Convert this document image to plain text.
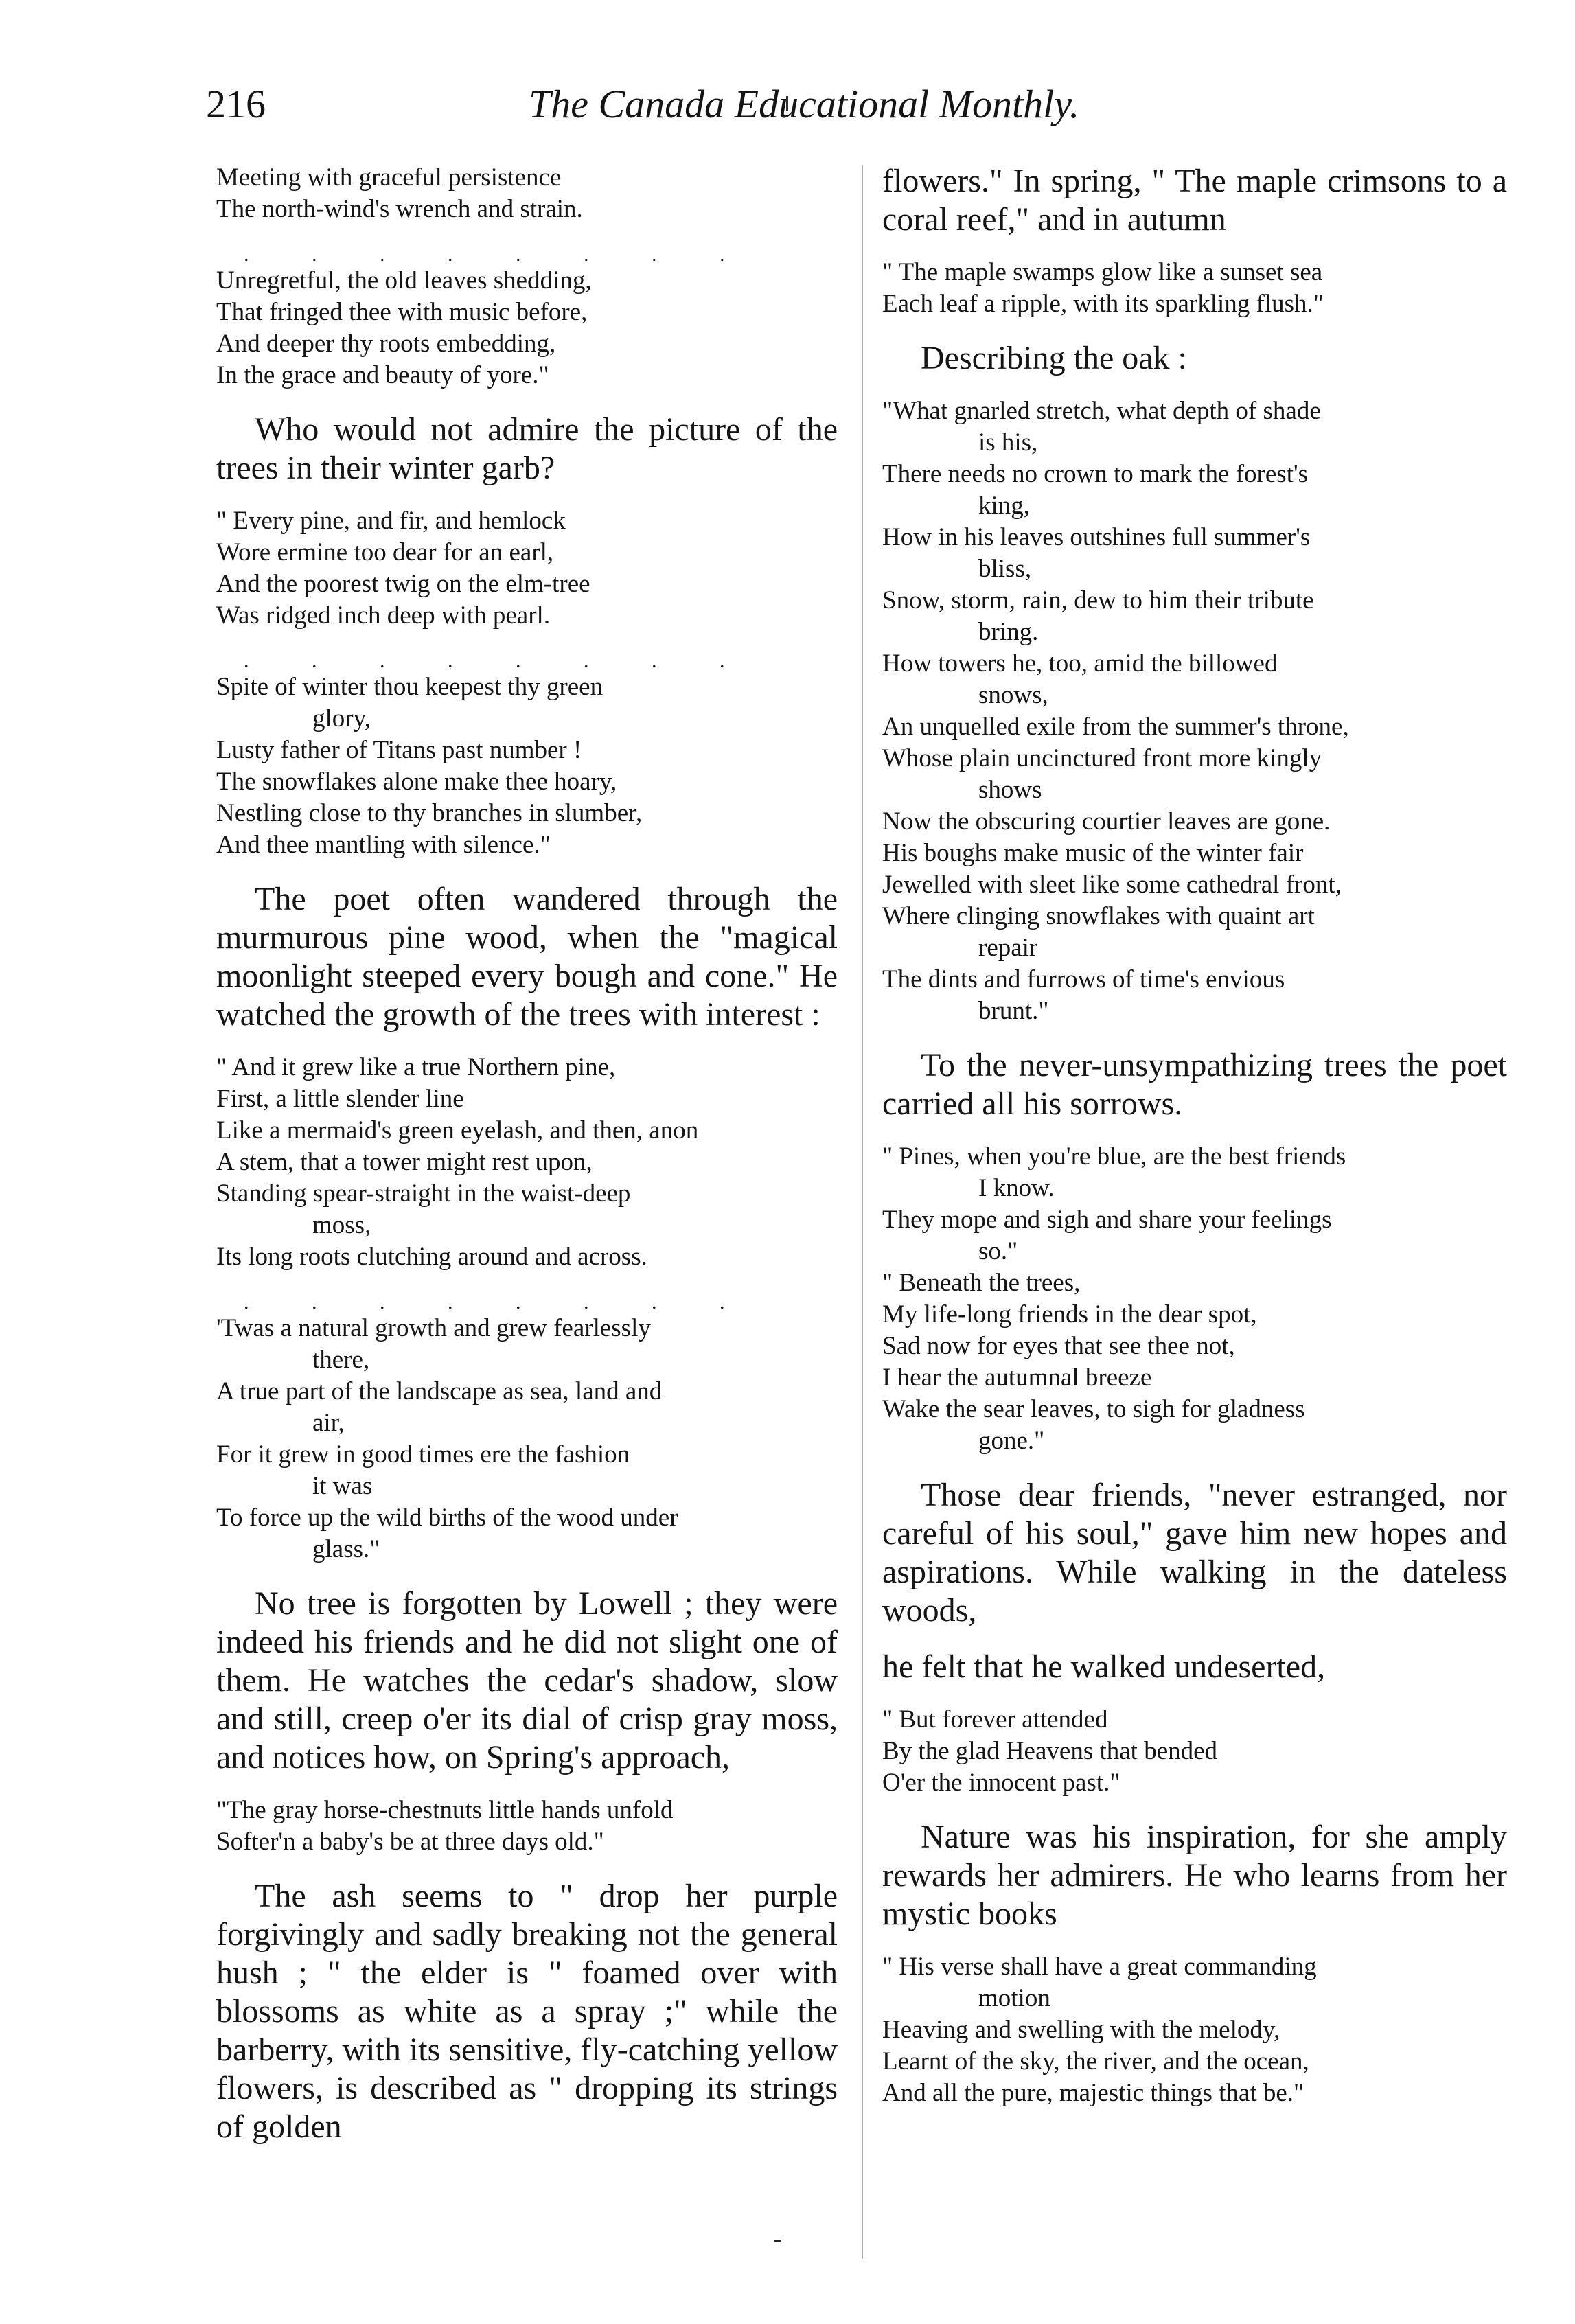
216	The Canada Educational Monthly.
Meeting with graceful persistence
The north-wind's wrench and strain.
. . . . . . . .
Unregretful, the old leaves shedding,
That fringed thee with music before,
And deeper thy roots embedding,
In the grace and beauty of yore."

Who would not admire the picture of the trees in their winter garb?

" Every pine, and fir, and hemlock
Wore ermine too dear for an earl,
And the poorest twig on the elm-tree
Was ridged inch deep with pearl.
. . . . . . . .
Spite of winter thou keepest thy green
glory,
Lusty father of Titans past number !
The snowflakes alone make thee hoary,
Nestling close to thy branches in slumber,
And thee mantling with silence."

The poet often wandered through the murmurous pine wood, when the "magical moonlight steeped every bough and cone." He watched the growth of the trees with interest :

" And it grew like a true Northern pine,
First, a little slender line
Like a mermaid's green eyelash, and then, anon
A stem, that a tower might rest upon,
Standing spear-straight in the waist-deep
moss,
Its long roots clutching around and across.
. . . . . . . .
'Twas a natural growth and grew fearlessly
there,
A true part of the landscape as sea, land and
air,
For it grew in good times ere the fashion
it was
To force up the wild births of the wood under
glass."

No tree is forgotten by Lowell ; they were indeed his friends and he did not slight one of them. He watches the cedar's shadow, slow and still, creep o'er its dial of crisp gray moss, and notices how, on Spring's approach,

"The gray horse-chestnuts little hands unfold
Softer'n a baby's be at three days old."

The ash seems to " drop her purple forgivingly and sadly breaking not the general hush ; " the elder is " foamed over with blossoms as white as a spray ;" while the barberry, with its sensitive, fly-catching yellow flowers, is described as " dropping its strings of golden

flowers." In spring, " The maple crimsons to a coral reef," and in autumn

" The maple swamps glow like a sunset sea
Each leaf a ripple, with its sparkling flush."

Describing the oak :

"What gnarled stretch, what depth of shade
is his,
There needs no crown to mark the forest's
king,
How in his leaves outshines full summer's
bliss,
Snow, storm, rain, dew to him their tribute
bring.
How towers he, too, amid the billowed
snows,
An unquelled exile from the summer's throne,
Whose plain uncinctured front more kingly
shows
Now the obscuring courtier leaves are gone.
His boughs make music of the winter fair
Jewelled with sleet like some cathedral front,
Where clinging snowflakes with quaint art
repair
The dints and furrows of time's envious
brunt."

To the never-unsympathizing trees the poet carried all his sorrows.

" Pines, when you're blue, are the best friends
I know.
They mope and sigh and share your feelings
so."
" Beneath the trees,
My life-long friends in the dear spot,
Sad now for eyes that see thee not,
I hear the autumnal breeze
Wake the sear leaves, to sigh for gladness
gone."

Those dear friends, "never estranged, nor careful of his soul," gave him new hopes and aspirations. While walking in the dateless woods,

he felt that he walked undeserted,

" But forever attended
By the glad Heavens that bended
O'er the innocent past."

Nature was his inspiration, for she amply rewards her admirers. He who learns from her mystic books

" His verse shall have a great commanding
motion
Heaving and swelling with the melody,
Learnt of the sky, the river, and the ocean,
And all the pure, majestic things that be."
